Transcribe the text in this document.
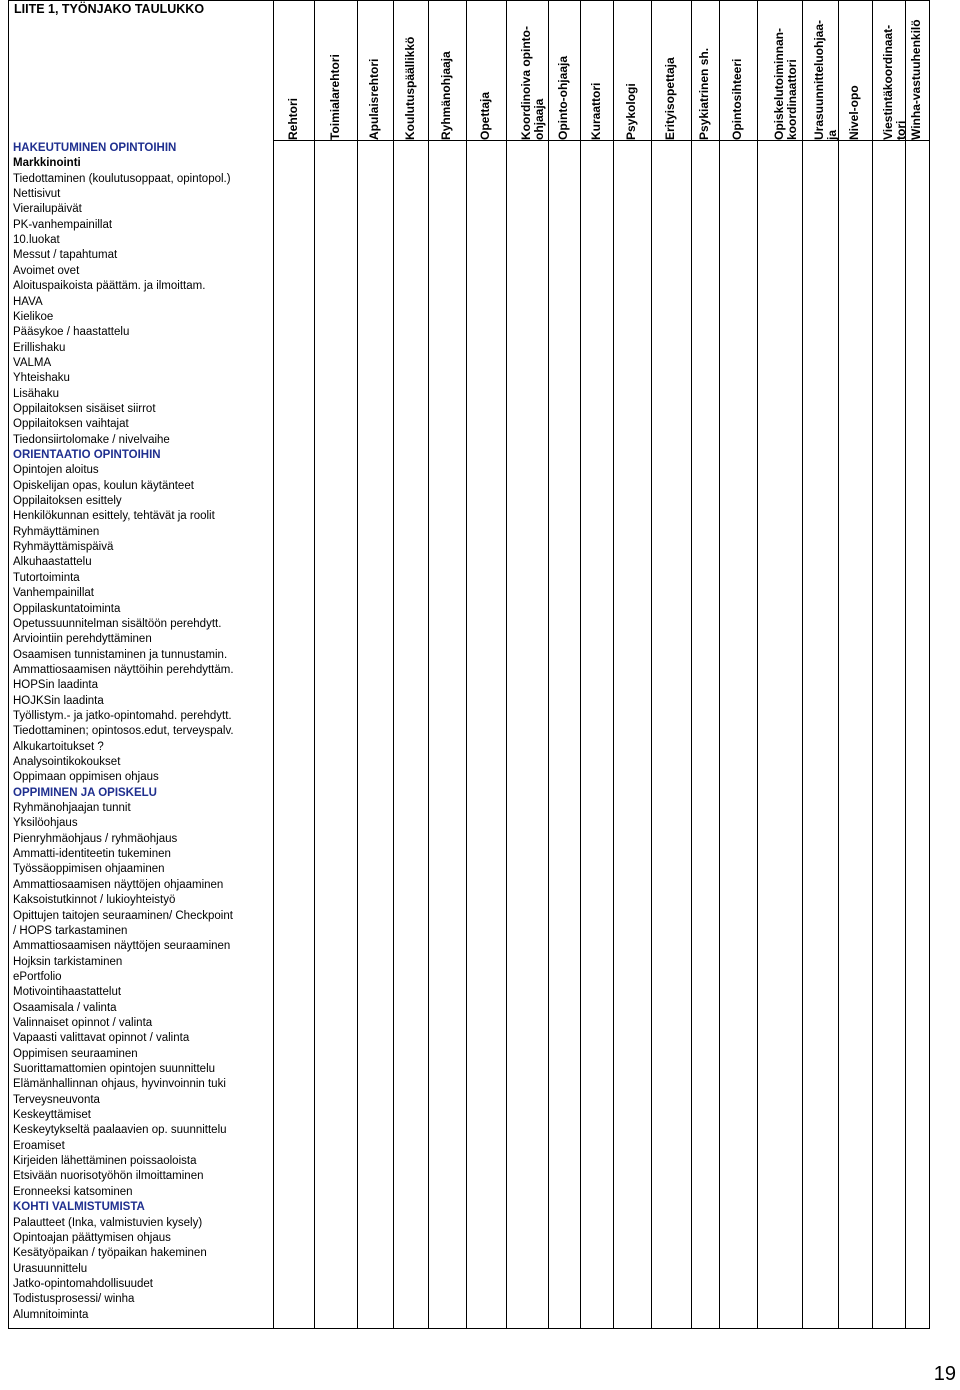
LIITE 1, TYÖNJAKO TAULUKKO
19
Rehtori Toimialarehtori Apulaisrehtori Koulutuspäällikkö Ryhmänohjaaja Opettaja Koordinoiva opinto- ohjaaja Opinto-ohjaaja Kuraattori Psykologi Erityisopettaja Psykiatrinen sh. Opintosihteeri Opiskelutoiminnan- koordinaattori Urasuunnitteluohjaa- ja Nivel-opo Viestintäkoordinaat- tori Winha-vastuuhenkilö
HAKEUTUMINEN OPINTOIHIN
Markkinointi
Tiedottaminen (koulutusoppaat, opintopol.)
Nettisivut
Vierailupäivät
PK-vanhempainillat
10.luokat
Messut / tapahtumat
Avoimet ovet
Aloituspaikoista päättäm. ja ilmoittam.
HAVA
Kielikoe
Pääsykoe / haastattelu
Erillishaku
VALMA
Yhteishaku
Lisähaku
Oppilaitoksen sisäiset siirrot
Oppilaitoksen vaihtajat
Tiedonsiirtolomake / nivelvaihe
ORIENTAATIO OPINTOIHIN
Opintojen aloitus
Opiskelijan opas, koulun käytänteet
Oppilaitoksen esittely
Henkilökunnan esittely, tehtävät ja roolit
Ryhmäyttäminen
Ryhmäyttämispäivä
Alkuhaastattelu
Tutortoiminta
Vanhempainillat
Oppilaskuntatoiminta
Opetussuunnitelman sisältöön perehdytt.
Arviointiin perehdyttäminen
Osaamisen tunnistaminen ja tunnustamin.
Ammattiosaamisen näyttöihin perehdyttäm.
HOPSin laadinta
HOJKSin laadinta
Työllistym.- ja jatko-opintomahd. perehdytt.
Tiedottaminen; opintosos.edut, terveyspalv.
Alkukartoitukset ?
Analysointikokoukset
Oppimaan oppimisen ohjaus
OPPIMINEN JA OPISKELU
Ryhmänohjaajan tunnit
Yksilöohjaus
Pienryhmäohjaus / ryhmäohjaus
Ammatti-identiteetin tukeminen
Työssäoppimisen ohjaaminen
Ammattiosaamisen näyttöjen ohjaaminen
Kaksoistutkinnot / lukioyhteistyö
Opittujen taitojen seuraaminen/ Checkpoint
/ HOPS tarkastaminen
Ammattiosaamisen näyttöjen seuraaminen
Hojksin tarkistaminen
ePortfolio
Motivointihaastattelut
Osaamisala / valinta
Valinnaiset opinnot / valinta
Vapaasti valittavat opinnot / valinta
Oppimisen seuraaminen
Suorittamattomien opintojen suunnittelu
Elämänhallinnan ohjaus, hyvinvoinnin tuki
Terveysneuvonta
Keskeyttämiset
Keskeytykseltä paalaavien op. suunnittelu
Eroamiset
Kirjeiden lähettäminen poissaoloista
Etsivään nuorisotyöhön ilmoittaminen
Eronneeksi katsominen
KOHTI VALMISTUMISTA
Palautteet (Inka, valmistuvien kysely)
Opintoajan päättymisen ohjaus
Kesätyöpaikan / työpaikan hakeminen
Urasuunnittelu
Jatko-opintomahdollisuudet
Todistusprosessi/ winha
Alumnitoiminta
